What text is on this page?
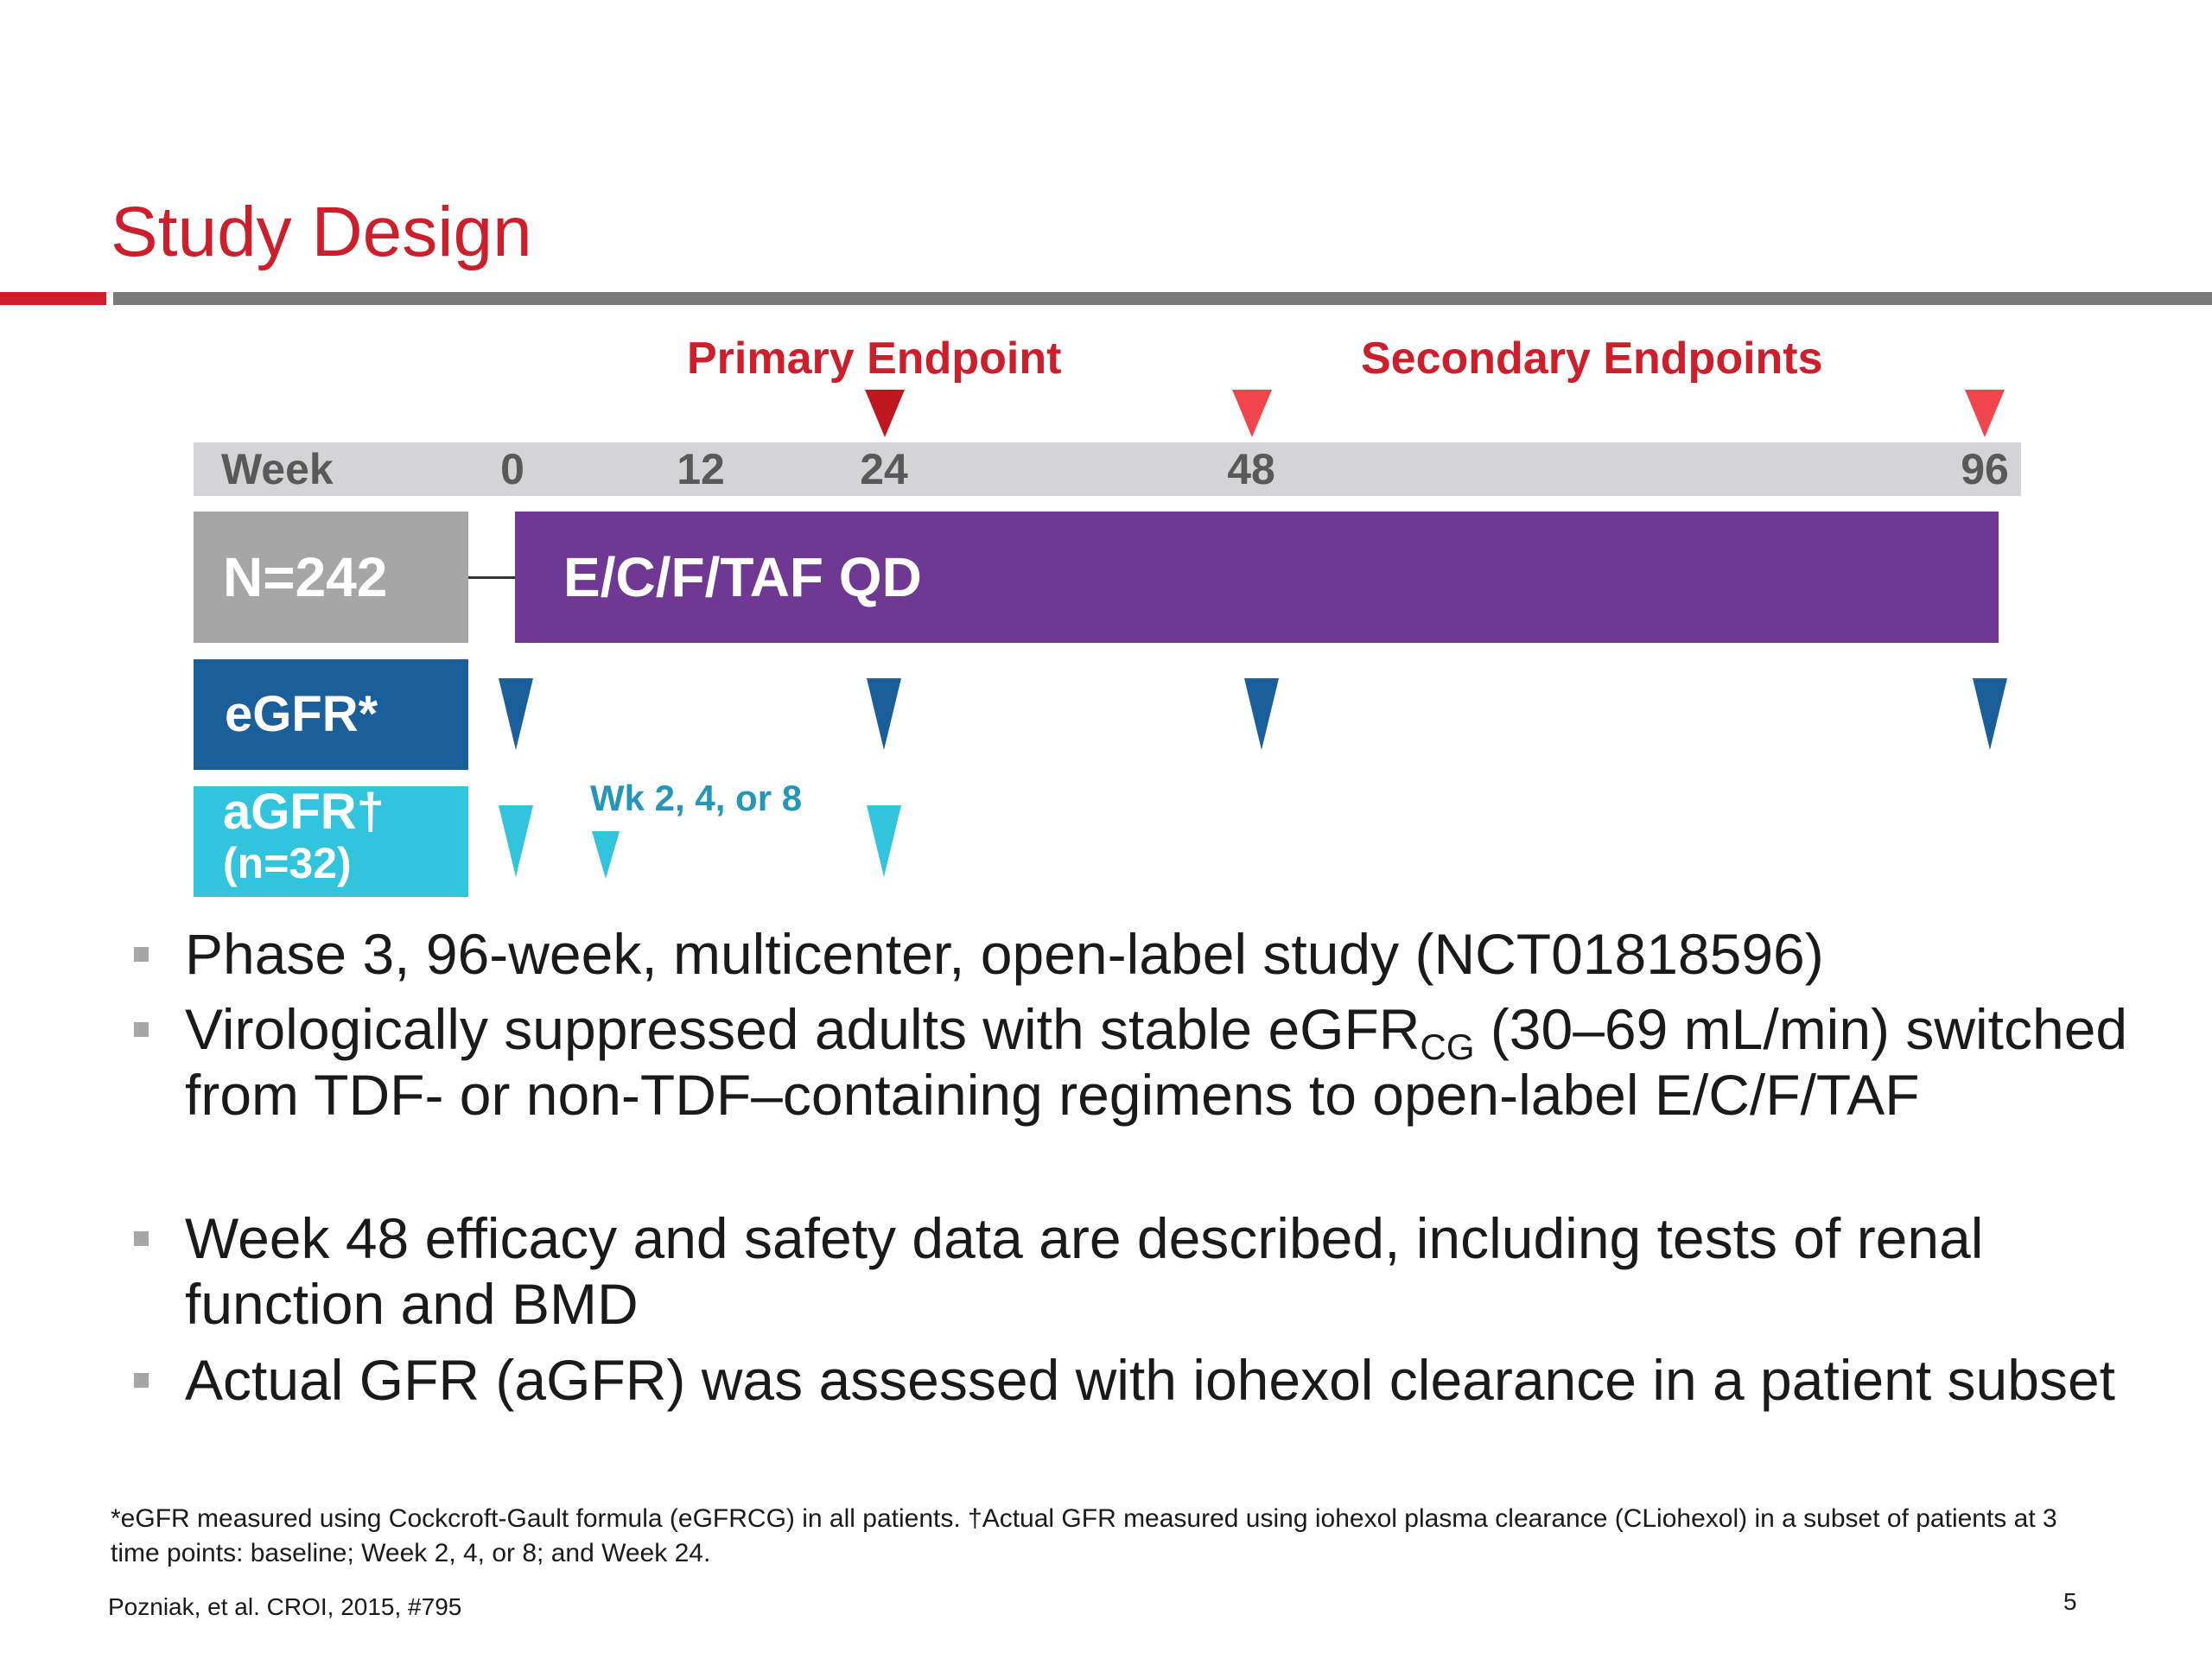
Study Design
Primary Endpoint	Secondary Endpoints
Week	0	12	24	48	96
N=242	E/C/F/TAF QD
eGFR*
aGFR†
(n=32)
Wk 2, 4, or 8
Phase 3, 96-week, multicenter, open-label study (NCT01818596)
Virologically suppressed adults with stable eGFR$_{CG}$ (30–69 mL/min) switched from TDF- or non-TDF–containing regimens to open-label E/C/F/TAF
Week 48 efficacy and safety data are described, including tests of renal function and BMD
Actual GFR (aGFR) was assessed with iohexol clearance in a patient subset
*eGFR measured using Cockcroft-Gault formula (eGFRCG) in all patients. †Actual GFR measured using iohexol plasma clearance (CLiohexol) in a subset of patients at 3 time points: baseline; Week 2, 4, or 8; and Week 24.
Pozniak, et al. CROI, 2015, #795	5
